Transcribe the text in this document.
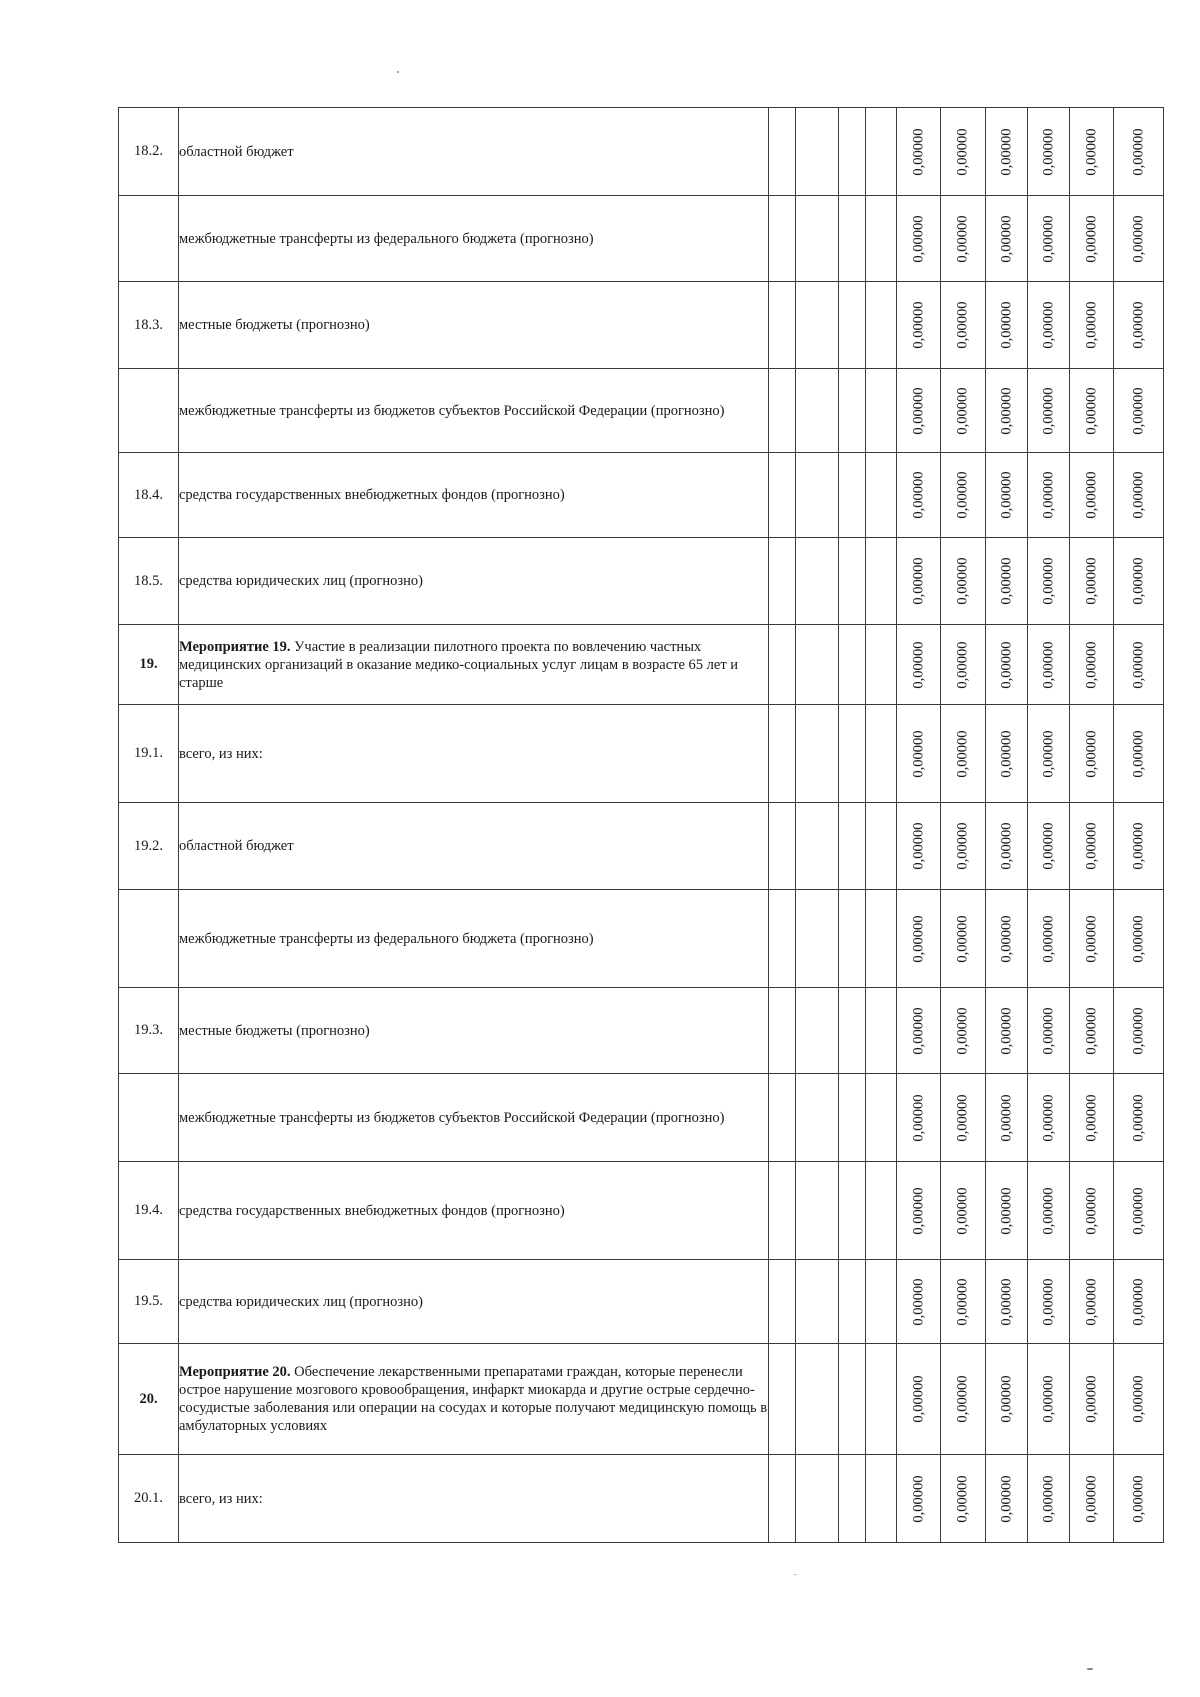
18.2.	областной бюджет					0,00000	0,00000	0,00000	0,00000	0,00000	0,00000

	межбюджетные трансферты из федерального бюджета (прогнозно)					0,00000	0,00000	0,00000	0,00000	0,00000	0,00000

18.3.	местные бюджеты (прогнозно)					0,00000	0,00000	0,00000	0,00000	0,00000	0,00000

	межбюджетные трансферты из бюджетов субъектов Российской Федерации (прогнозно)					0,00000	0,00000	0,00000	0,00000	0,00000	0,00000

18.4.	средства государственных внебюджетных фондов (прогнозно)					0,00000	0,00000	0,00000	0,00000	0,00000	0,00000

18.5.	средства юридических лиц (прогнозно)					0,00000	0,00000	0,00000	0,00000	0,00000	0,00000

19.	Мероприятие 19. Участие в реализации пилотного проекта по вовлечению частных медицинских организаций в оказание медико-социальных услуг лицам в возрасте 65 лет и старше					0,00000	0,00000	0,00000	0,00000	0,00000	0,00000

19.1.	всего, из них:					0,00000	0,00000	0,00000	0,00000	0,00000	0,00000

19.2.	областной бюджет					0,00000	0,00000	0,00000	0,00000	0,00000	0,00000

	межбюджетные трансферты из федерального бюджета (прогнозно)					0,00000	0,00000	0,00000	0,00000	0,00000	0,00000

19.3.	местные бюджеты (прогнозно)					0,00000	0,00000	0,00000	0,00000	0,00000	0,00000

	межбюджетные трансферты из бюджетов субъектов Российской Федерации (прогнозно)					0,00000	0,00000	0,00000	0,00000	0,00000	0,00000

19.4.	средства государственных внебюджетных фондов (прогнозно)					0,00000	0,00000	0,00000	0,00000	0,00000	0,00000

19.5.	средства юридических лиц (прогнозно)					0,00000	0,00000	0,00000	0,00000	0,00000	0,00000

20.	Мероприятие 20. Обеспечение лекарственными препаратами граждан, которые перенесли острое нарушение мозгового кровообращения, инфаркт миокарда и другие острые сердечно-сосудистые заболевания или операции на сосудах и которые получают медицинскую помощь в амбулаторных условиях					0,00000	0,00000	0,00000	0,00000	0,00000	0,00000

20.1.	всего, из них:					0,00000	0,00000	0,00000	0,00000	0,00000	0,00000
